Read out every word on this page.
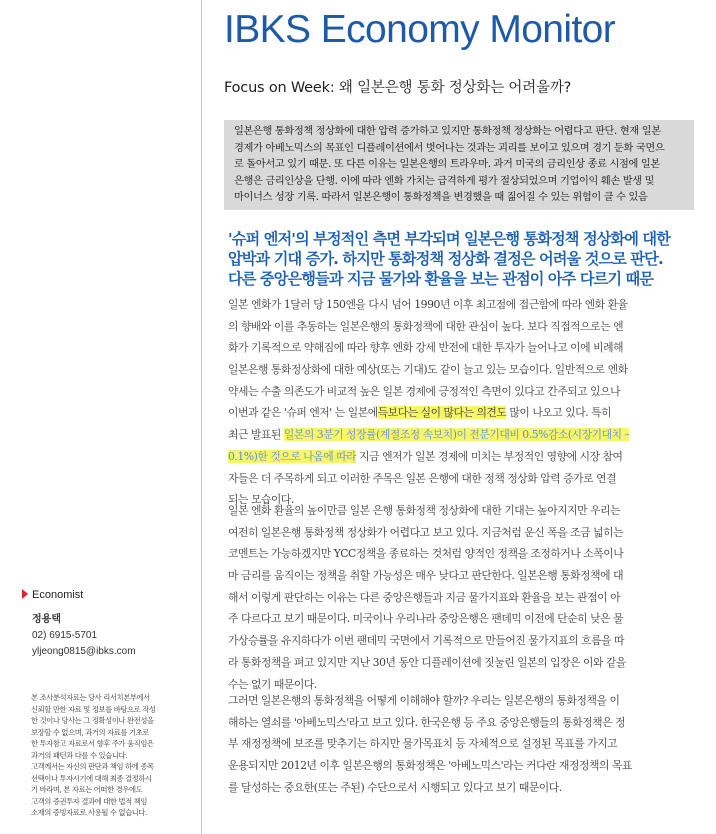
IBKS Economy Monitor
Focus on Week: 왜 일본은행 통화 정상화는 어려울까?

일본은행 통화정책 정상화에 대한 압력 증가하고 있지만 통화정책 정상화는 어렵다고 판단. 현재 일본

경제가 아베노믹스의 목표인 디플레이션에서 벗어나는 것과는 괴리를 보이고 있으며 경기 둔화 국면으

로 돌아서고 있기 때문. 또 다른 이유는 일본은행의 트라우마. 과거 미국의 금리인상 종료 시점에 일본

은행은 금리인상을 단행. 이에 따라 엔화 가치는 급격하게 평가 절상되었으며 기업이익 훼손 발생 및

마이너스 성장 기록. 따라서 일본은행이 통화정책을 변경했을 때 짊어질 수 있는 위험이 클 수 있음

'슈퍼 엔저'의 부정적인 측면 부각되며 일본은행 통화정책 정상화에 대한
압박과 기대 증가. 하지만 통화정책 정상화 결정은 어려울 것으로 판단.
다른 중앙은행들과 지금 물가와 환율을 보는 관점이 아주 다르기 때문
일본 엔화가 1달러 당 150엔을 다시 넘어 1990년 이후 최고점에 접근함에 따라 엔화 환율
의 향배와 이를 추동하는 일본은행의 통화정책에 대한 관심이 높다. 보다 직접적으로는 엔
화가 기록적으로 약해짐에 따라 향후 엔화 강세 반전에 대한 투자가 늘어나고 이에 비례해
일본은행 통화정상화에 대한 예상(또는 기대)도 같이 늘고 있는 모습이다. 일반적으로 엔화
약세는 수출 의존도가 비교적 높은 일본 경제에 긍정적인 측면이 있다고 간주되고 있으나
이번과 같은 '슈퍼 엔저' 는 일본에득보다는 실이 많다는 의견도 많이 나오고 있다. 특히
최근 발표된 일본의 3분기 성장률(계절조정 속보치)이 전분기대비 0.5%감소(시장기대치 –
0.1%)한 것으로 나옴에 따라 지금 엔저가 일본 경제에 미치는 부정적인 영향에 시장 참여
자들은 더 주목하게 되고 이러한 주목은 일본 은행에 대한 정책 정상화 압력 증가로 연결
되는 모습이다.
일본 엔화 환율의 높이만큼 일본 은행 통화정책 정상화에 대한 기대는 높아지지만 우리는
여전히 일본은행 통화정책 정상화가 어렵다고 보고 있다. 지금처럼 운신 폭을 조금 넓히는
코멘트는 가능하겠지만 YCC정책을 종료하는 것처럼 양적인 정책을 조정하거나 소폭이나
마 금리를 움직이는 정책을 취할 가능성은 매우 낮다고 판단한다. 일본은행 통화정책에 대
해서 이렇게 판단하는 이유는 다른 중앙은행들과 지금 물가지표와 환율을 보는 관점이 아
주 다르다고 보기 때문이다. 미국이나 우리나라 중앙은행은 팬데믹 이전에 단순히 낮은 물
가상승률을 유지하다가 이번 팬데믹 국면에서 기록적으로 만들어진 물가지표의 흐름을 따
라 통화정책을 펴고 있지만 지난 30년 동안 디플레이션에 짓눌린 일본의 입장은 이와 같을
수는 없기 때문이다.
그러면 일본은행의 통화정책을 어떻게 이해해야 할까? 우리는 일본은행의 통화정책을 이
해하는 열쇠를 '아베노믹스'라고 보고 있다. 한국은행 등 주요 중앙은행들의 통화정책은 정
부 재정정책에 보조를 맞추기는 하지만 물가목표치 등 자체적으로 설정된 목표를 가지고
운용되지만 2012년 이후 일본은행의 통화정책은 '아베노믹스'라는 커다란 재정정책의 목표
를 달성하는 중요한(또는 주된) 수단으로서 시행되고 있다고 보기 때문이다.
Economist
정용택
02) 6915-5701
yljeong0815@ibks.com
본 조사분석자료는 당사 리서치본부에서
신뢰할 만한 자료 및 정보를 바탕으로 작성
한 것이나 당사는 그 정확성이나 완전성을
보장할 수 없으며, 과거의 자료를 기초로
한 투자참고 자료로서 향후 주가 움직임은
과거의 패턴과 다를 수 있습니다.
고객께서는 자신의 판단과 책임 하에 종목
선택이나 투자시기에 대해 최종 결정하시
기 바라며, 본 자료는 어떠한 경우에도
고객의 증권투자 결과에 대한 법적 책임
소재의 증빙자료로 사용될 수 없습니다.
